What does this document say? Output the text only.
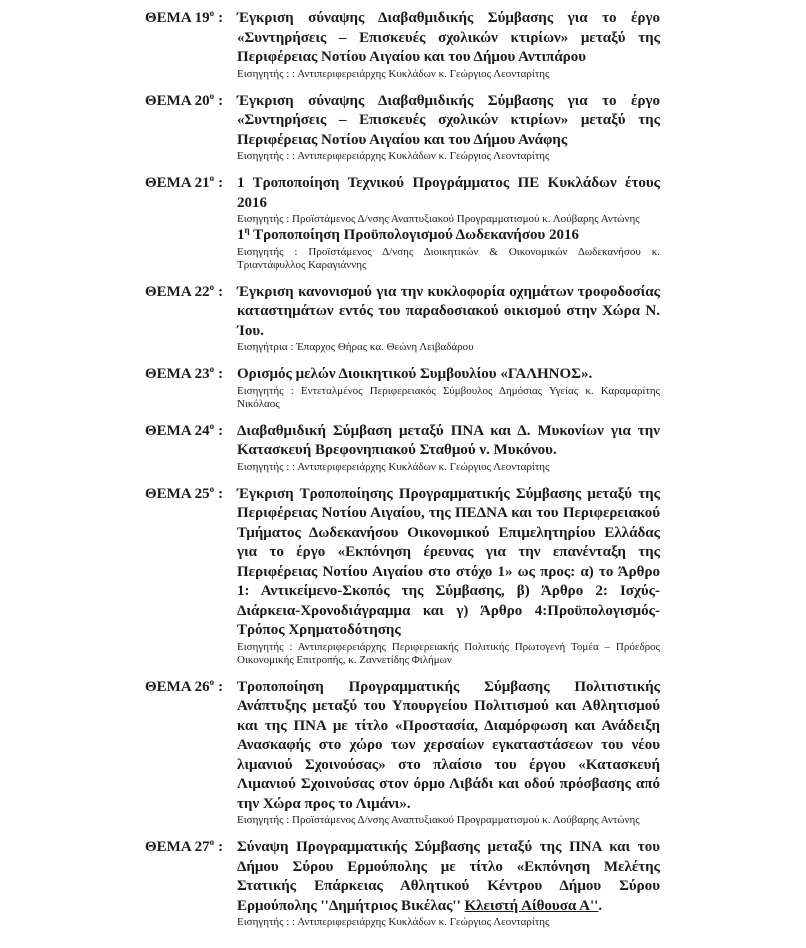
ΘΕΜΑ $19^o$ : Έγκριση σύναψης Διαβαθμιδικής Σύμβασης για το έργο «Συντηρήσεις – Επισκευές σχολικών κτιρίων» μεταξύ της Περιφέρειας Νοτίου Αιγαίου και του Δήμου Αντιπάρου

Εισηγητής : : Αντιπεριφερειάρχης Κυκλάδων κ. Γεώργιος Λεονταρίτης

ΘΕΜΑ $20^o$ : Έγκριση σύναψης Διαβαθμιδικής Σύμβασης για το έργο «Συντηρήσεις – Επισκευές σχολικών κτιρίων» μεταξύ της Περιφέρειας Νοτίου Αιγαίου και του Δήμου Ανάφης

Εισηγητής : : Αντιπεριφερειάρχης Κυκλάδων κ. Γεώργιος Λεονταρίτης

ΘΕΜΑ $21^o$ : 1 Τροποποίηση Τεχνικού Προγράμματος ΠΕ Κυκλάδων έτους 2016

Εισηγητής : Προϊστάμενος Δ/νσης Αναπτυξιακού Προγραμματισμού κ. Λούβαρης Αντώνης

$1^\eta$ Τροποποίηση Προϋπολογισμού Δωδεκανήσου 2016

Εισηγητής : Προϊστάμενος Δ/νσης Διοικητικών & Οικονομικών Δωδεκανήσου κ. Τριαντάφυλλος Καραγιάννης

ΘΕΜΑ $22^o$ : Έγκριση κανονισμού για την κυκλοφορία οχημάτων τροφοδοσίας καταστημάτων εντός του παραδοσιακού οικισμού στην Χώρα Ν. Ίου.

Εισηγήτρια : Έπαρχος Θήρας κα. Θεώνη Λειβαδάρου

ΘΕΜΑ $23^o$ : Ορισμός μελών Διοικητικού Συμβουλίου «ΓΑΛΗΝΟΣ».

Εισηγητής : Εντεταλμένος Περιφερειακός Σύμβουλος Δημόσιας Υγείας κ. Καραμαρίτης Νικόλαος

ΘΕΜΑ $24^o$ : Διαβαθμιδική Σύμβαση μεταξύ ΠΝΑ και Δ. Μυκονίων για την Κατασκευή Βρεφονηπιακού Σταθμού ν. Μυκόνου.

Εισηγητής : : Αντιπεριφερειάρχης Κυκλάδων κ. Γεώργιος Λεονταρίτης

ΘΕΜΑ $25^o$ : Έγκριση Τροποποίησης Προγραμματικής Σύμβασης μεταξύ της Περιφέρειας Νοτίου Αιγαίου, της ΠΕΔΝΑ και του Περιφερειακού Τμήματος Δωδεκανήσου Οικονομικού Επιμελητηρίου Ελλάδας για το έργο «Εκπόνηση έρευνας για την επανένταξη της Περιφέρειας Νοτίου Αιγαίου στο στόχο 1» ως προς: α) το Άρθρο 1: Αντικείμενο-Σκοπός της Σύμβασης, β) Άρθρο 2: Ισχύς-Διάρκεια-Χρονοδιάγραμμα και γ) Άρθρο 4:Προϋπολογισμός-Τρόπος Χρηματοδότησης

Εισηγητής : Αντιπεριφερειάρχης Περιφερειακής Πολιτικής Πρωτογενή Τομέα – Πρόεδρος Οικονομικής Επιτροπής, κ. Ζαννετίδης Φιλήμων

ΘΕΜΑ $26^o$ : Τροποποίηση Προγραμματικής Σύμβασης Πολιτιστικής Ανάπτυξης μεταξύ του Υπουργείου Πολιτισμού και Αθλητισμού και της ΠΝΑ με τίτλο «Προστασία, Διαμόρφωση και Ανάδειξη Ανασκαφής στο χώρο των χερσαίων εγκαταστάσεων του νέου λιμανιού Σχοινούσας» στο πλαίσιο του έργου «Κατασκευή Λιμανιού Σχοινούσας στον όρμο Λιβάδι και οδού πρόσβασης από την Χώρα προς το Λιμάνι».

Εισηγητής : Προϊστάμενος Δ/νσης Αναπτυξιακού Προγραμματισμού κ. Λούβαρης Αντώνης

ΘΕΜΑ $27^o$ : Σύναψη Προγραμματικής Σύμβασης μεταξύ της ΠΝΑ και του Δήμου Σύρου Ερμούπολης με τίτλο «Εκπόνηση Μελέτης Στατικής Επάρκειας Αθλητικού Κέντρου Δήμου Σύρου Ερμούπολης ''Δημήτριος Βικέλας'' Κλειστή Αίθουσα Α''.

Εισηγητής : : Αντιπεριφερειάρχης Κυκλάδων κ. Γεώργιος Λεονταρίτης
